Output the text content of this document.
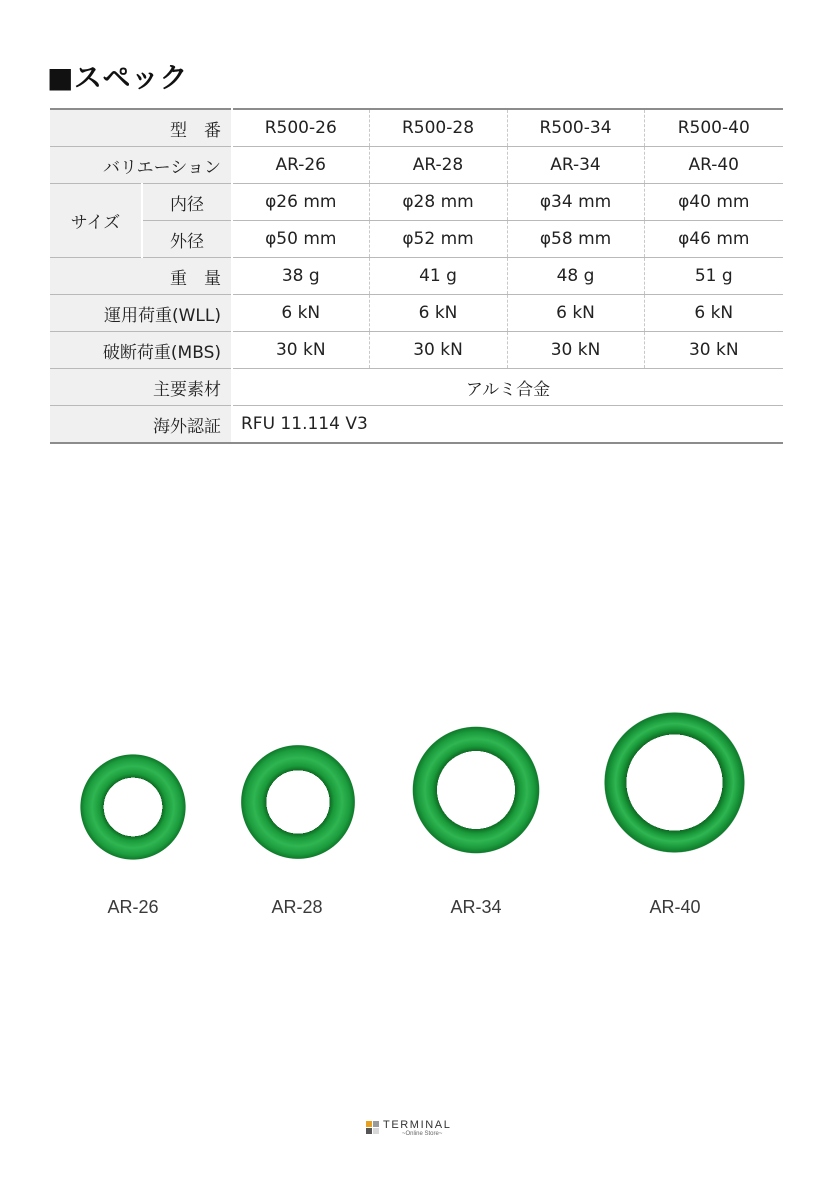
■スペック
型　番		R500-26	R500-28	R500-34	R500-40
バリエーション		AR-26	AR-28	AR-34	AR-40
サイズ	内径	φ26 mm	φ28 mm	φ34 mm	φ40 mm
	外径	φ50 mm	φ52 mm	φ58 mm	φ46 mm
重　量		38 g	41 g	48 g	51 g
運用荷重(WLL)		6 kN	6 kN	6 kN	6 kN
破断荷重(MBS)		30 kN	30 kN	30 kN	30 kN
主要素材		アルミ合金			
海外認証		RFU 11.114 V3			
AR-26	AR-28	AR-34	AR-40
TERMINAL
~Online Store~
